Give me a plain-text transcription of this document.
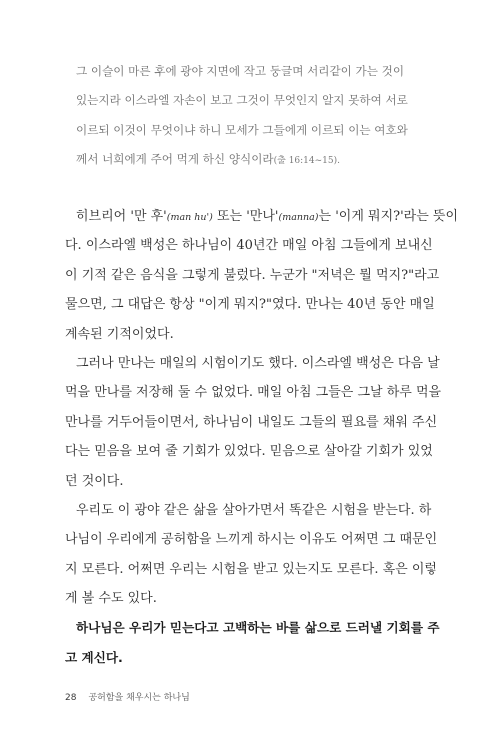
그 이슬이 마른 후에 광야 지면에 작고 둥글며 서리같이 가는 것이
있는지라 이스라엘 자손이 보고 그것이 무엇인지 알지 못하여 서로
이르되 이것이 무엇이냐 하니 모세가 그들에게 이르되 이는 여호와
께서 너희에게 주어 먹게 하신 양식이라(출 16:14~15).
히브리어 '만 후'(man hu') 또는 '만나'(manna)는 '이게 뭐지?'라는 뜻이
다. 이스라엘 백성은 하나님이 40년간 매일 아침 그들에게 보내신
이 기적 같은 음식을 그렇게 불렀다. 누군가 "저녁은 뭘 먹지?"라고
물으면, 그 대답은 항상 "이게 뭐지?"였다. 만나는 40년 동안 매일
계속된 기적이었다.
그러나 만나는 매일의 시험이기도 했다. 이스라엘 백성은 다음 날
먹을 만나를 저장해 둘 수 없었다. 매일 아침 그들은 그날 하루 먹을
만나를 거두어들이면서, 하나님이 내일도 그들의 필요를 채워 주신
다는 믿음을 보여 줄 기회가 있었다. 믿음으로 살아갈 기회가 있었
던 것이다.
우리도 이 광야 같은 삶을 살아가면서 똑같은 시험을 받는다. 하
나님이 우리에게 공허함을 느끼게 하시는 이유도 어쩌면 그 때문인
지 모른다. 어쩌면 우리는 시험을 받고 있는지도 모른다. 혹은 이렇
게 볼 수도 있다.
하나님은 우리가 믿는다고 고백하는 바를 삶으로 드러낼 기회를 주
고 계신다.
28 공허함을 채우시는 하나님
